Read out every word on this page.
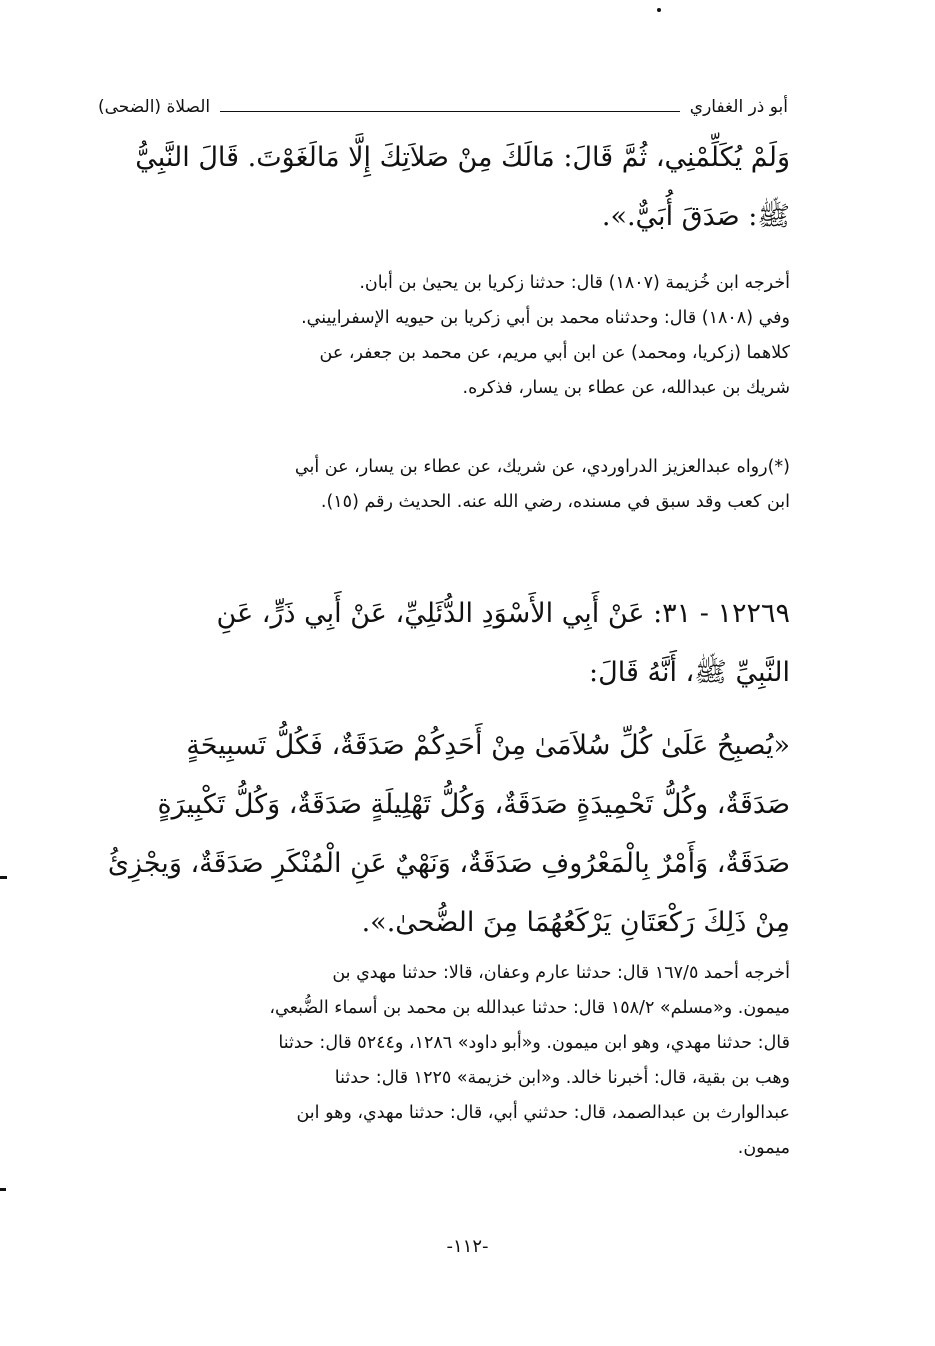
الصلاة (الضحى)	أبو ذر الغفاري
وَلَمْ يُكَلِّمْنِي، ثُمَّ قَالَ: مَالَكَ مِنْ صَلاَتِكَ إِلَّا مَالَغَوْتَ. قَالَ النَّبِيُّ
ﷺ: صَدَقَ أُبَيٌّ.».
أخرجه ابن خُزيمة (١٨٠٧) قال: حدثنا زكريا بن يحيىٰ بن أبان.
وفي (١٨٠٨) قال: وحدثناه محمد بن أبي زكريا بن حيويه الإسفراييني.
كلاهما (زكريا، ومحمد) عن ابن أبي مريم، عن محمد بن جعفر، عن
شريك بن عبدالله، عن عطاء بن يسار، فذكره.
(*)رواه عبدالعزيز الدراوردي، عن شريك، عن عطاء بن يسار، عن أبي
ابن كعب وقد سبق في مسنده، رضي الله عنه. الحديث رقم (١٥).
١٢٢٦٩ - ٣١: عَنْ أَبِي الأَسْوَدِ الدُّئَلِيِّ، عَنْ أَبِي ذَرٍّ، عَنِ
النَّبِيِّ ﷺ، أَنَّهُ قَالَ:
«يُصبِحُ عَلَىٰ كُلِّ سُلاَمَىٰ مِنْ أَحَدِكُمْ صَدَقَةٌ، فَكُلُّ تَسبِيحَةٍ
صَدَقَةٌ، وكُلُّ تَحْمِيدَةٍ صَدَقَةٌ، وَكُلُّ تَهْلِيلَةٍ صَدَقَةٌ، وَكُلُّ تَكْبِيرَةٍ
صَدَقَةٌ، وَأَمْرٌ بِالْمَعْرُوفِ صَدَقَةٌ، وَنَهْيٌ عَنِ الْمُنْكَرِ صَدَقَةٌ، وَيجْزِئُ
مِنْ ذَلِكَ رَكْعَتَانِ يَرْكَعُهُمَا مِنَ الضُّحىٰ.».
أخرجه أحمد ١٦٧/٥ قال: حدثنا عارم وعفان، قالا: حدثنا مهدي بن
ميمون. و«مسلم» ١٥٨/٢ قال: حدثنا عبدالله بن محمد بن أسماء الضُّبعي،
قال: حدثنا مهدي، وهو ابن ميمون. و«أبو داود» ١٢٨٦، و٥٢٤٤ قال: حدثنا
وهب بن بقية، قال: أخبرنا خالد. و«ابن خزيمة» ١٢٢٥ قال: حدثنا
عبدالوارث بن عبدالصمد، قال: حدثني أبي، قال: حدثنا مهدي، وهو ابن
ميمون.
-١١٢-
